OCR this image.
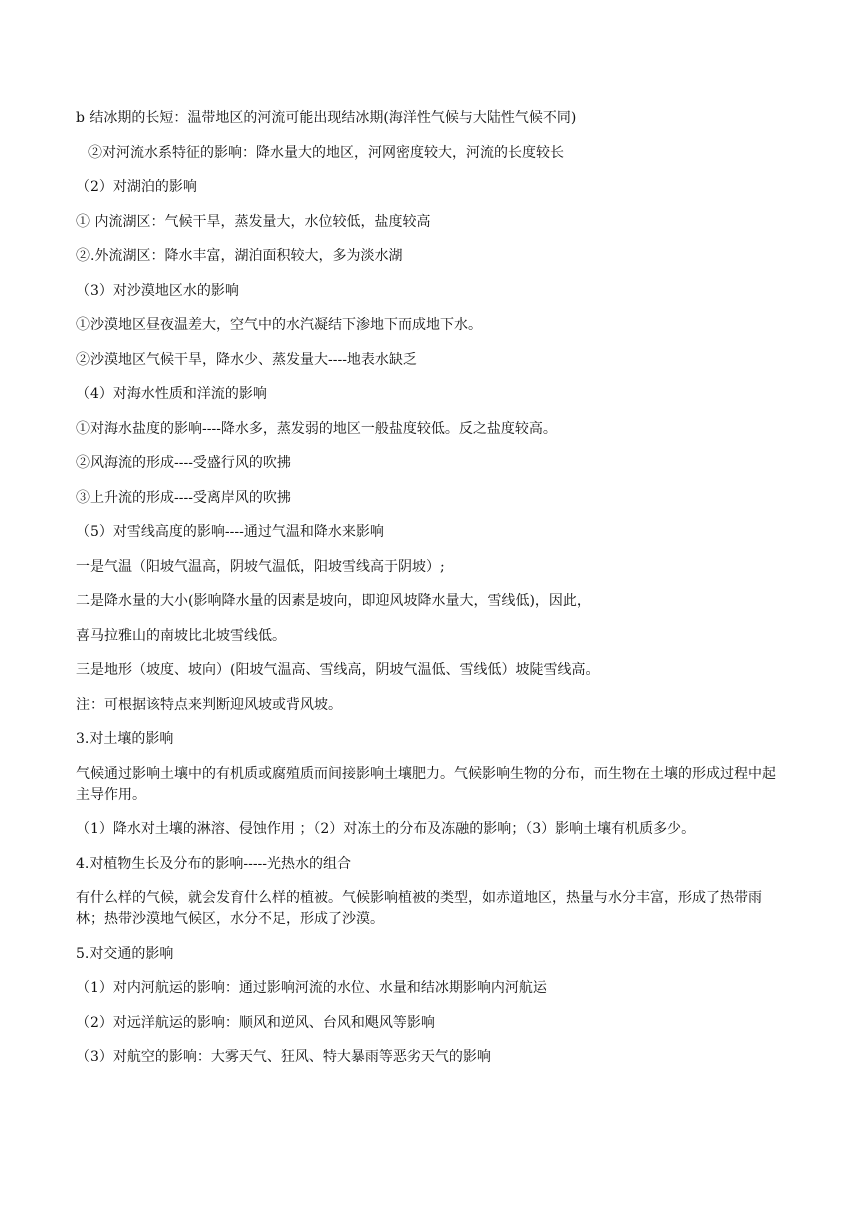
b 结冰期的长短：温带地区的河流可能出现结冰期(海洋性气候与大陆性气候不同)

②对河流水系特征的影响：降水量大的地区，河网密度较大，河流的长度较长

（2）对湖泊的影响

① 内流湖区：气候干旱，蒸发量大，水位较低，盐度较高

②.外流湖区：降水丰富，湖泊面积较大，多为淡水湖

（3）对沙漠地区水的影响

①沙漠地区昼夜温差大，空气中的水汽凝结下渗地下而成地下水。

②沙漠地区气候干旱，降水少、蒸发量大----地表水缺乏

（4）对海水性质和洋流的影响

①对海水盐度的影响----降水多，蒸发弱的地区一般盐度较低。反之盐度较高。

②风海流的形成----受盛行风的吹拂

③上升流的形成----受离岸风的吹拂

（5）对雪线高度的影响----通过气温和降水来影响

一是气温（阳坡气温高，阴坡气温低，阳坡雪线高于阴坡）;

二是降水量的大小(影响降水量的因素是坡向，即迎风坡降水量大，雪线低)，因此，

喜马拉雅山的南坡比北坡雪线低。

三是地形（坡度、坡向）(阳坡气温高、雪线高，阴坡气温低、雪线低）坡陡雪线高。

注：可根据该特点来判断迎风坡或背风坡。

3.对土壤的影响

气候通过影响土壤中的有机质或腐殖质而间接影响土壤肥力。气候影响生物的分布，而生物在土壤的形成过程中起主导作用。

（1）降水对土壤的淋溶、侵蚀作用 ；（2）对冻土的分布及冻融的影响；（3）影响土壤有机质多少。

4.对植物生长及分布的影响-----光热水的组合

有什么样的气候，就会发育什么样的植被。气候影响植被的类型，如赤道地区，热量与水分丰富，形成了热带雨林；热带沙漠地气候区，水分不足，形成了沙漠。

5.对交通的影响

（1）对内河航运的影响：通过影响河流的水位、水量和结冰期影响内河航运

（2）对远洋航运的影响：顺风和逆风、台风和飓风等影响

（3）对航空的影响：大雾天气、狂风、特大暴雨等恶劣天气的影响
